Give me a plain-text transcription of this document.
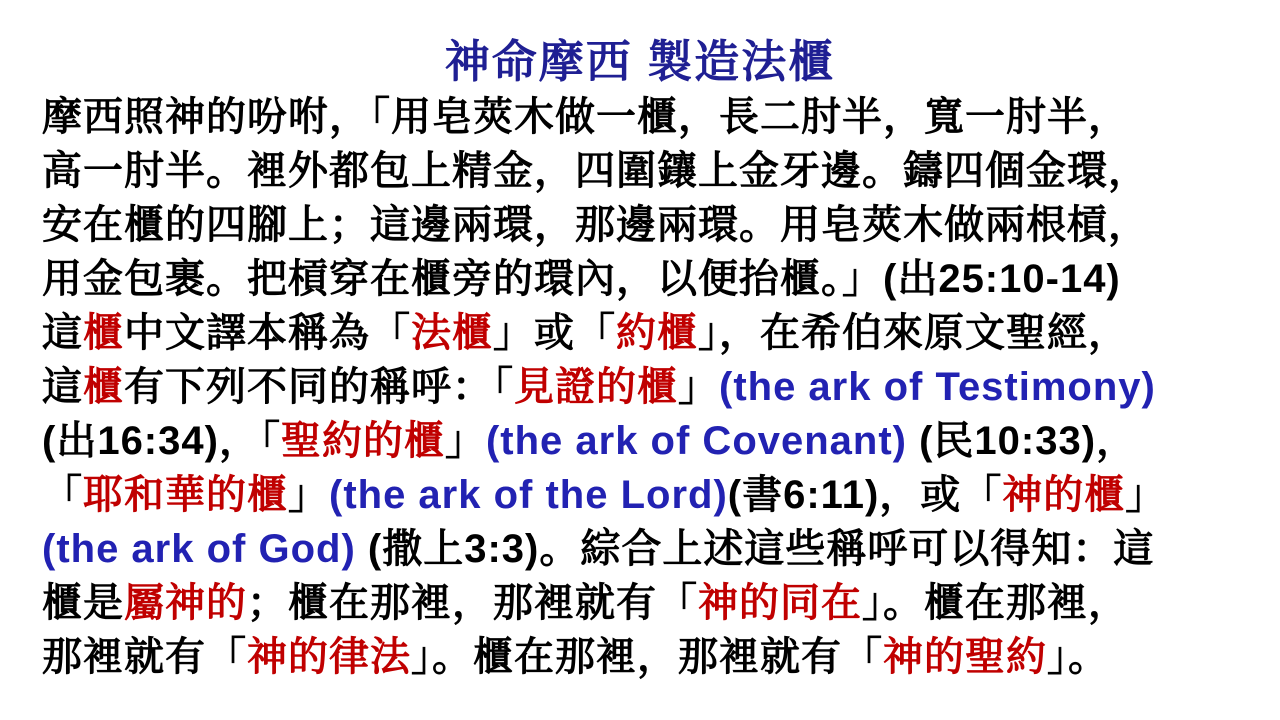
神命摩西 製造法櫃
摩西照神的吩咐，「用皂莢木做一櫃，長二肘半，寬一肘半，
高一肘半。裡外都包上精金，四圍鑲上金牙邊。鑄四個金環，
安在櫃的四腳上；這邊兩環，那邊兩環。用皂莢木做兩根槓，
用金包裹。把槓穿在櫃旁的環內，以便抬櫃。」(出25:10-14)
這櫃中文譯本稱為「法櫃」或「約櫃」，在希伯來原文聖經，
這櫃有下列不同的稱呼：「見證的櫃」(the ark of Testimony)
(出16:34)，「聖約的櫃」(the ark of Covenant) (民10:33)，
「耶和華的櫃」(the ark of the Lord)(書6:11)，或「神的櫃」
(the ark of God) (撒上3:3)。綜合上述這些稱呼可以得知：這
櫃是屬神的；櫃在那裡，那裡就有「神的同在」。櫃在那裡，
那裡就有「神的律法」。櫃在那裡，那裡就有「神的聖約」。
